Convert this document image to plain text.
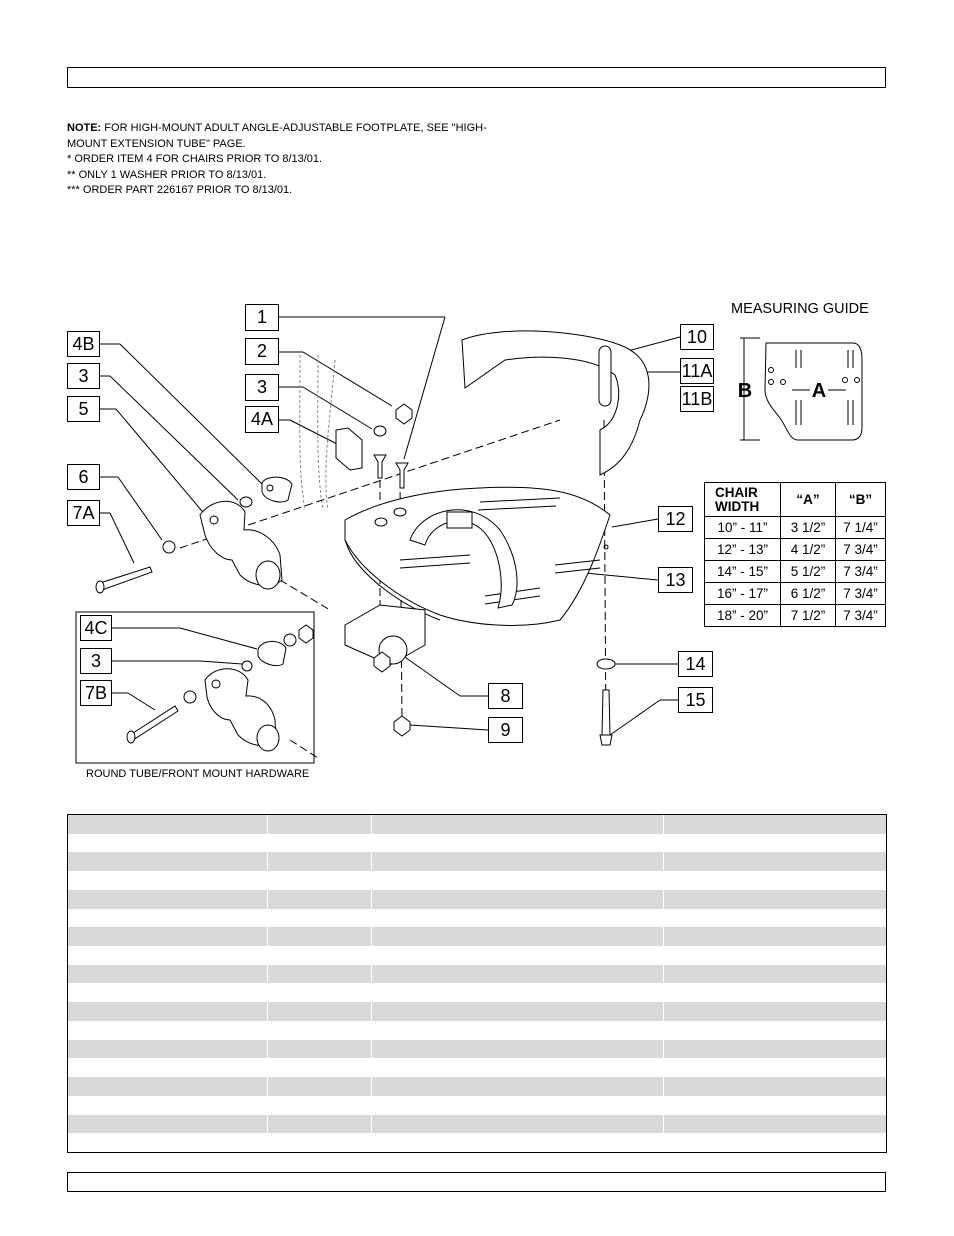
NOTE: FOR HIGH-MOUNT ADULT ANGLE-ADJUSTABLE FOOTPLATE, SEE "HIGH-
MOUNT EXTENSION TUBE" PAGE.
* ORDER ITEM 4 FOR CHAIRS PRIOR TO 8/13/01.
** ONLY 1 WASHER PRIOR TO 8/13/01.
*** ORDER PART 226167 PRIOR TO 8/13/01.
B	A
1
2
3
4A
4B
3
5
6
7A
4C
3
7B	8
9
10
11A
11B
12
13
14
15
ROUND TUBE/FRONT MOUNT HARDWARE
MEASURING GUIDE
CHAIR WIDTH	“A”	“B”
10” - 11”	3 1/2”	7 1/4”
12” - 13”	4 1/2”	7 3/4”
14” - 15”	5 1/2”	7 3/4”
16” - 17”	6 1/2”	7 3/4”
18” - 20”	7 1/2”	7 3/4”
